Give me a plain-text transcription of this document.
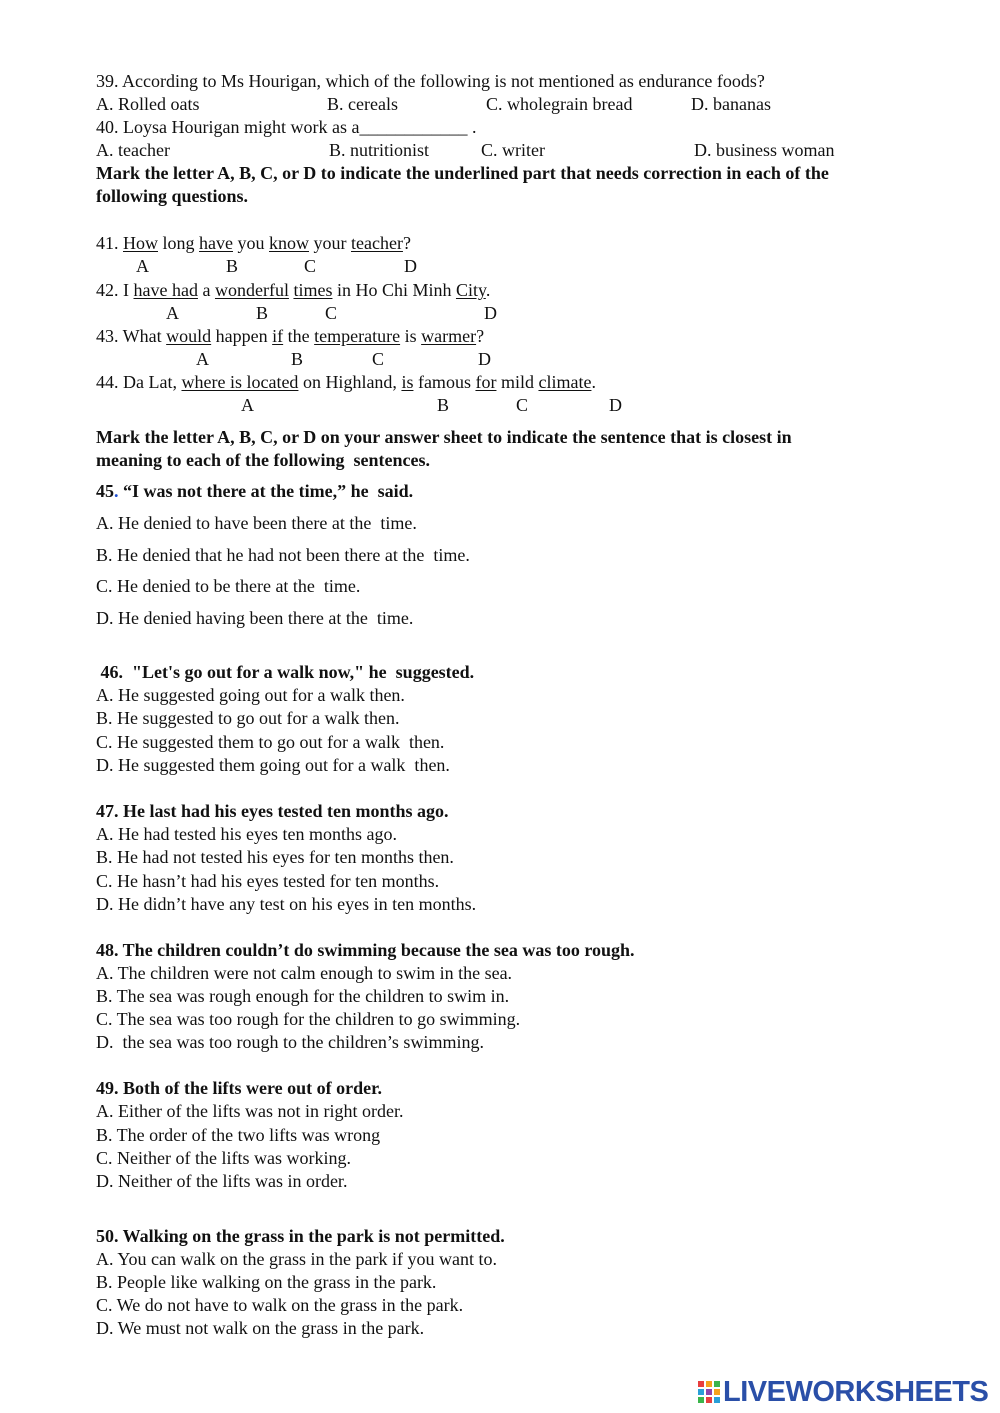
39. According to Ms Hourigan, which of the following is not mentioned as endurance foods?
A. Rolled oats	B. cereals	C. wholegrain bread	D. bananas
40. Loysa Hourigan might work as a____________ .
A. teacher	B. nutritionist	C. writer	D. business woman
Mark the letter A, B, C, or D to indicate the underlined part that needs correction in each of the
following questions.
41. How long have you know your teacher?
A	B	C	D
42. I have had a wonderful times in Ho Chi Minh City.
A	B	C	D
43. What would happen if the temperature is warmer?
A	B	C	D
44. Da Lat, where is located on Highland, is famous for mild climate.
A	B	C	D
Mark the letter A, B, C, or D on your answer sheet to indicate the sentence that is closest in
meaning to each of the following  sentences.
45. “I was not there at the time,” he  said.
A. He denied to have been there at the  time.
B. He denied that he had not been there at the  time.
C. He denied to be there at the  time.
D. He denied having been there at the  time.
46.  "Let's go out for a walk now," he  suggested.
A. He suggested going out for a walk then.
B. He suggested to go out for a walk then.
C. He suggested them to go out for a walk  then.
D. He suggested them going out for a walk  then.
47. He last had his eyes tested ten months ago.
A. He had tested his eyes ten months ago.
B. He had not tested his eyes for ten months then.
C. He hasn’t had his eyes tested for ten months.
D. He didn’t have any test on his eyes in ten months.
48. The children couldn’t do swimming because the sea was too rough.
A. The children were not calm enough to swim in the sea.
B. The sea was rough enough for the children to swim in.
C. The sea was too rough for the children to go swimming.
D.  the sea was too rough to the children’s swimming.
49. Both of the lifts were out of order.
A. Either of the lifts was not in right order.
B. The order of the two lifts was wrong
C. Neither of the lifts was working.
D. Neither of the lifts was in order.
50. Walking on the grass in the park is not permitted.
A. You can walk on the grass in the park if you want to.
B. People like walking on the grass in the park.
C. We do not have to walk on the grass in the park.
D. We must not walk on the grass in the park.
LIVEWORKSHEETS
